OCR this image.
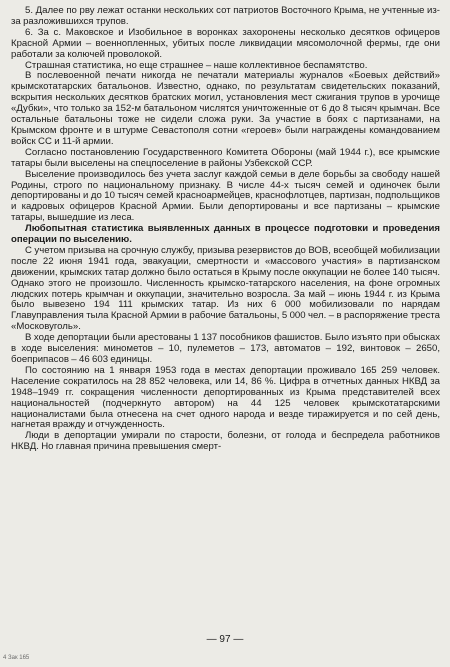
5. Далее по рву лежат останки нескольких сот патриотов Восточного Крыма, не учтенные из-за разложившихся трупов.

6. За с. Маковское и Изобильное в воронках захоронены несколько десятков офицеров Красной Армии – военнопленных, убитых после ликвидации мясомолочной фермы, где они работали за колючей проволокой.

Страшная статистика, но еще страшнее – наше коллективное беспамятство.

В послевоенной печати никогда не печатали материалы журналов «Боевых действий» крымскотатарских батальонов. Известно, однако, по результатам свидетельских показаний, вскрытия нескольких десятков братских могил, установления мест сжигания трупов в урочище «Дубки», что только за 152-м батальоном числятся уничтоженные от 6 до 8 тысяч крымчан. Все остальные батальоны тоже не сидели сложа руки. За участие в боях с партизанами, на Крымском фронте и в штурме Севастополя сотни «героев» были награждены командованием войск СС и 11-й армии.

Согласно постановлению Государственного Комитета Обороны (май 1944 г.), все крымские татары были выселены на спецпоселение в районы Узбекской ССР.

Выселение производилось без учета заслуг каждой семьи в деле борьбы за свободу нашей Родины, строго по национальному признаку. В числе 44-х тысяч семей и одиночек были депортированы и до 10 тысяч семей красноармейцев, краснофлотцев, партизан, подпольщиков и кадровых офицеров Красной Армии. Были депортированы и все партизаны – крымские татары, вышедшие из леса.

Любопытная статистика выявленных данных в процессе подготовки и проведения операции по выселению.

С учетом призыва на срочную службу, призыва резервистов до ВОВ, всеобщей мобилизации после 22 июня 1941 года, эвакуации, смертности и «массового участия» в партизанском движении, крымских татар должно было остаться в Крыму после оккупации не более 140 тысяч. Однако этого не произошло. Численность крымско-татарского населения, на фоне огромных людских потерь крымчан и оккупации, значительно возросла. За май – июнь 1944 г. из Крыма было вывезено 194 111 крымских татар. Из них 6 000 мобилизовали по нарядам Главуправления тыла Красной Армии в рабочие батальоны, 5 000 чел. – в распоряжение треста «Московуголь».

В ходе депортации были арестованы 1 137 пособников фашистов. Было изъято при обысках в ходе выселения: минометов – 10, пулеметов – 173, автоматов – 192, винтовок – 2650, боеприпасов – 46 603 единицы.

По состоянию на 1 января 1953 года в местах депортации проживало 165 259 человек. Население сократилось на 28 852 человека, или 14, 86 %. Цифра в отчетных данных НКВД за 1948–1949 гг. сокращения численности депортированных из Крыма представителей всех национальностей (подчеркнуто автором) на 44 125 человек крымскотатарскими националистами была отнесена на счет одного народа и везде тиражируется и по сей день, нагнетая вражду и отчужденность.

Люди в депортации умирали по старости, болезни, от голода и беспредела работников НКВД. Но главная причина превышения смерт-

— 97 —
4 Зак 165
